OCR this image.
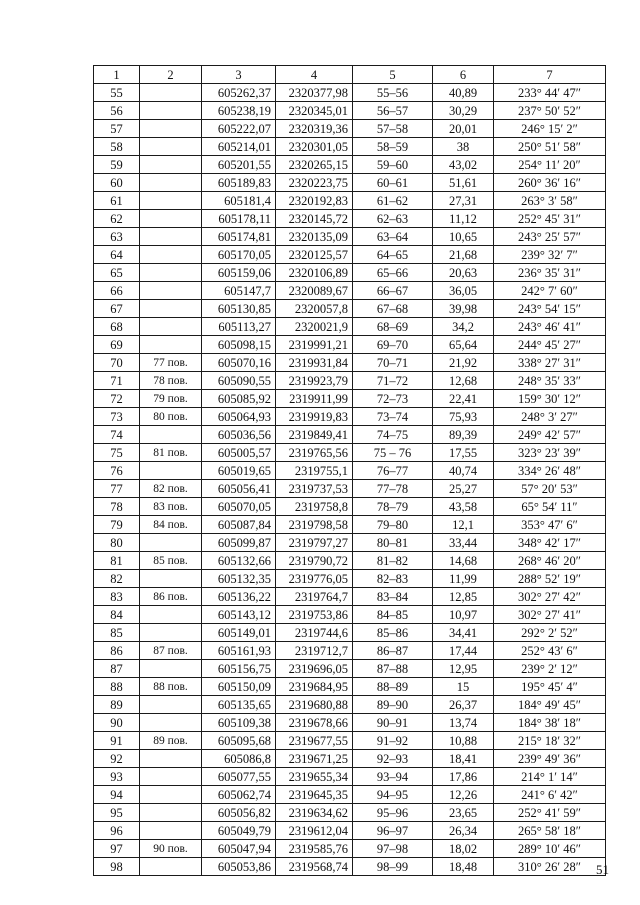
1	2	3	4	5	6	7
55		605262,37	2320377,98	55–56	40,89	233° 44′ 47″
56		605238,19	2320345,01	56–57	30,29	237° 50′ 52″
57		605222,07	2320319,36	57–58	20,01	246° 15′ 2″
58		605214,01	2320301,05	58–59	38	250° 51′ 58″
59		605201,55	2320265,15	59–60	43,02	254° 11′ 20″
60		605189,83	2320223,75	60–61	51,61	260° 36′ 16″
61		605181,4	2320192,83	61–62	27,31	263° 3′ 58″
62		605178,11	2320145,72	62–63	11,12	252° 45′ 31″
63		605174,81	2320135,09	63–64	10,65	243° 25′ 57″
64		605170,05	2320125,57	64–65	21,68	239° 32′ 7″
65		605159,06	2320106,89	65–66	20,63	236° 35′ 31″
66		605147,7	2320089,67	66–67	36,05	242° 7′ 60″
67		605130,85	2320057,8	67–68	39,98	243° 54′ 15″
68		605113,27	2320021,9	68–69	34,2	243° 46′ 41″
69		605098,15	2319991,21	69–70	65,64	244° 45′ 27″
70	77 пов.	605070,16	2319931,84	70–71	21,92	338° 27′ 31″
71	78 пов.	605090,55	2319923,79	71–72	12,68	248° 35′ 33″
72	79 пов.	605085,92	2319911,99	72–73	22,41	159° 30′ 12″
73	80 пов.	605064,93	2319919,83	73–74	75,93	248° 3′ 27″
74		605036,56	2319849,41	74–75	89,39	249° 42′ 57″
75	81 пов.	605005,57	2319765,56	75 – 76	17,55	323° 23′ 39″
76		605019,65	2319755,1	76–77	40,74	334° 26′ 48″
77	82 пов.	605056,41	2319737,53	77–78	25,27	57° 20′ 53″
78	83 пов.	605070,05	2319758,8	78–79	43,58	65° 54′ 11″
79	84 пов.	605087,84	2319798,58	79–80	12,1	353° 47′ 6″
80		605099,87	2319797,27	80–81	33,44	348° 42′ 17″
81	85 пов.	605132,66	2319790,72	81–82	14,68	268° 46′ 20″
82		605132,35	2319776,05	82–83	11,99	288° 52′ 19″
83	86 пов.	605136,22	2319764,7	83–84	12,85	302° 27′ 42″
84		605143,12	2319753,86	84–85	10,97	302° 27′ 41″
85		605149,01	2319744,6	85–86	34,41	292° 2′ 52″
86	87 пов.	605161,93	2319712,7	86–87	17,44	252° 43′ 6″
87		605156,75	2319696,05	87–88	12,95	239° 2′ 12″
88	88 пов.	605150,09	2319684,95	88–89	15	195° 45′ 4″
89		605135,65	2319680,88	89–90	26,37	184° 49′ 45″
90		605109,38	2319678,66	90–91	13,74	184° 38′ 18″
91	89 пов.	605095,68	2319677,55	91–92	10,88	215° 18′ 32″
92		605086,8	2319671,25	92–93	18,41	239° 49′ 36″
93		605077,55	2319655,34	93–94	17,86	214° 1′ 14″
94		605062,74	2319645,35	94–95	12,26	241° 6′ 42″
95		605056,82	2319634,62	95–96	23,65	252° 41′ 59″
96		605049,79	2319612,04	96–97	26,34	265° 58′ 18″
97	90 пов.	605047,94	2319585,76	97–98	18,02	289° 10′ 46″
98		605053,86	2319568,74	98–99	18,48	310° 26′ 28″ 51
